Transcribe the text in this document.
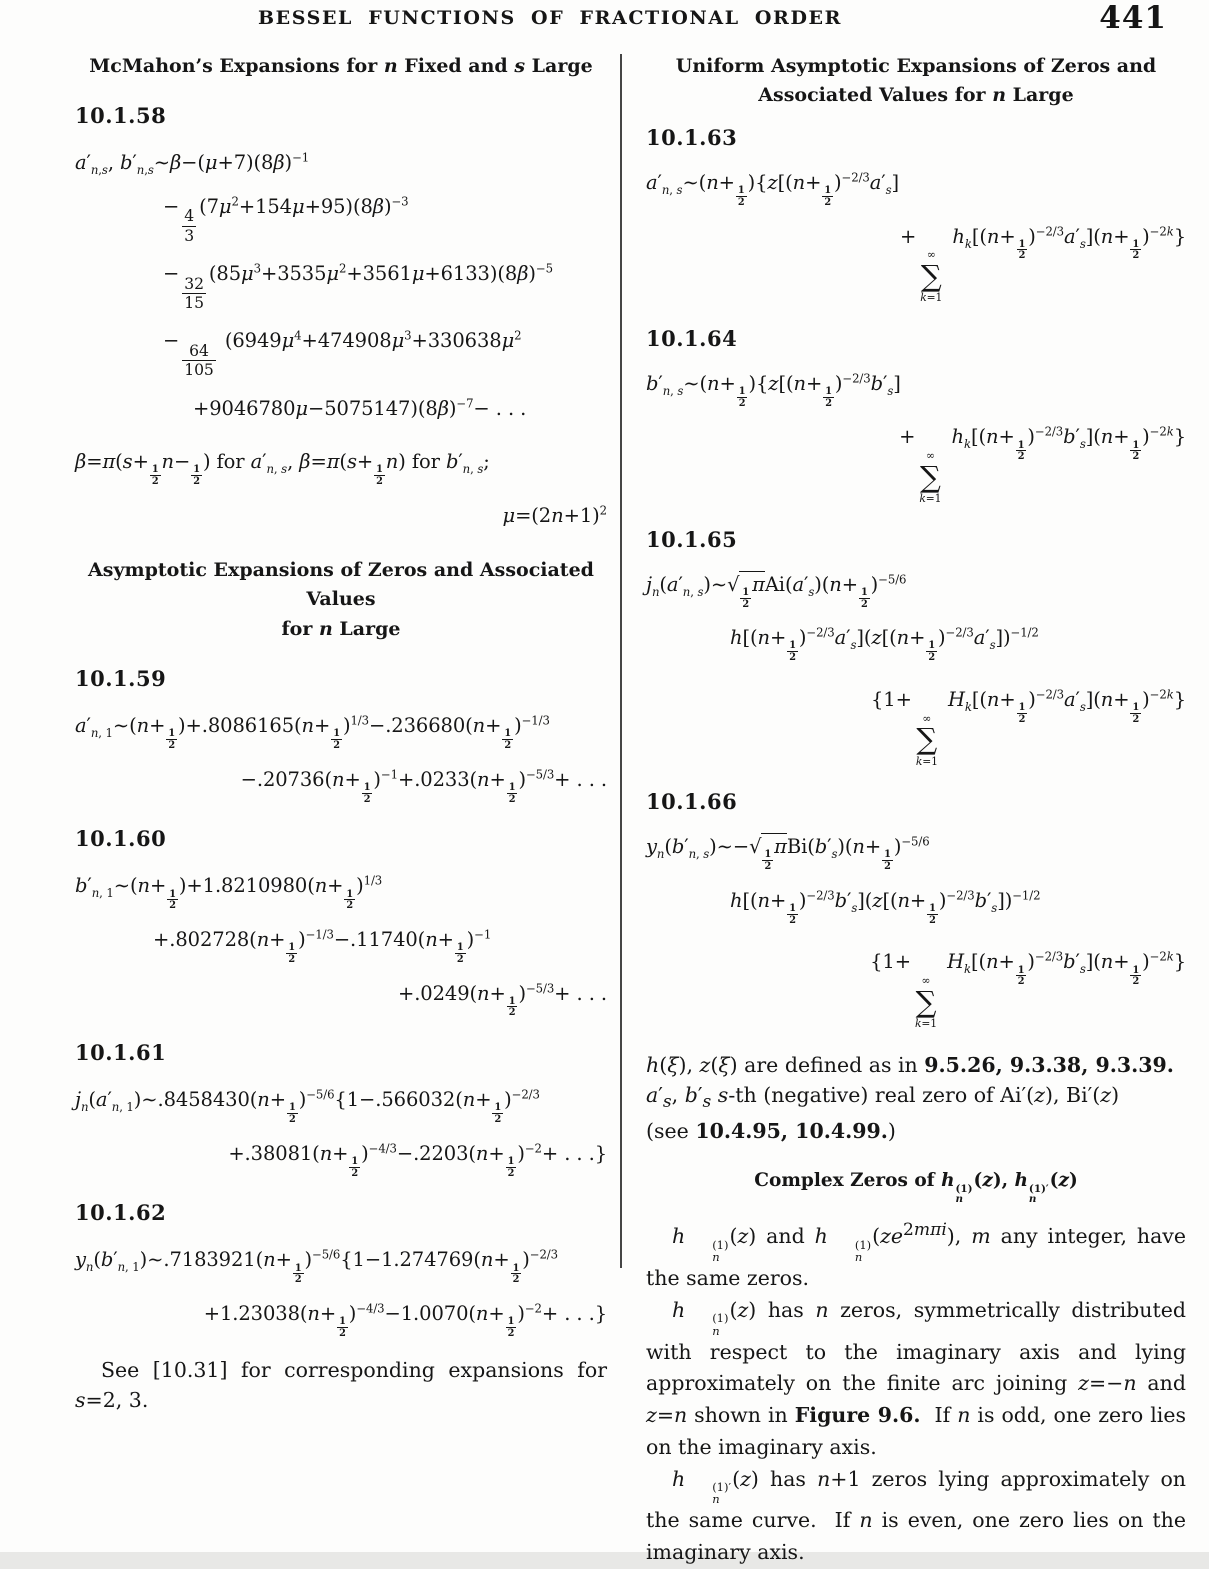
BESSEL FUNCTIONS OF FRACTIONAL ORDER	441
McMahon’s Expansions for n Fixed and s Large
10.1.58
$a'_{n,s}$, $b'_{n,s}\sim\beta-(\mu+7)(8\beta)^{-1}$
−
$\frac{4}{3}$
$(7\mu^2+154\mu+95)(8\beta)^{-3}$
−
$\frac{32}{15}$
$(85\mu^3+3535\mu^2+3561\mu+6133)(8\beta)^{-5}$
−
$\frac{64}{105}$
($6949\mu^4+474908\mu^3+330638\mu^2$
$+9046780\mu-5075147)(8\beta)^{-7}-$ . . .
β=π(s+
$\frac{1}{2}$
n−
$\frac{1}{2}$
) for $a'_{n, s}$, β=π(s+
$\frac{1}{2}$
n) for $b'_{n, s}$;
$\mu=(2n+1)^2$
Asymptotic Expansions of Zeros and Associated Values
for n Large
10.1.59
$a'_{n, 1}\sim(n+$
$\frac{1}{2}$
)+.8086165(n+
$\frac{1}{2}$
)$^{1/3}$−.236680(n+
$\frac{1}{2}$
)$^{-1/3}$
−.20736(n+
$\frac{1}{2}$
)$^{-1}$+.0233(n+
$\frac{1}{2}$
)$^{-5/3}$+ . . .
10.1.60
$b'_{n, 1}\sim(n+$
$\frac{1}{2}$
)+1.8210980(n+
$\frac{1}{2}$
)$^{1/3}$
+.802728(n+
$\frac{1}{2}$
)$^{-1/3}$−.11740(n+
$\frac{1}{2}$
)$^{-1}$
+.0249(n+
$\frac{1}{2}$
)$^{-5/3}$+ . . .
10.1.61
$j_n(a'_{n, 1})\sim.8458430(n+$
$\frac{1}{2}$
)$^{-5/6}${1−.566032(n+
$\frac{1}{2}$
)$^{-2/3}$
+.38081(n+
$\frac{1}{2}$
)$^{-4/3}$−.2203(n+
$\frac{1}{2}$
)$^{-2}$+ . . .}
10.1.62
$y_n(b'_{n, 1})\sim.7183921(n+$
$\frac{1}{2}$
)$^{-5/6}${1−1.274769(n+
$\frac{1}{2}$
)$^{-2/3}$
+1.23038(n+
$\frac{1}{2}$
)$^{-4/3}$−1.0070(n+
$\frac{1}{2}$
)$^{-2}$+ . . .}

See [10.31] for corresponding expansions for s=2, 3.

Uniform Asymptotic Expansions of Zeros and
Associated Values for n Large
10.1.63
$a'_{n, s}\sim(n+$
$\frac{1}{2}$
){z[(n+
$\frac{1}{2}$
)$^{-2/3}a'_s$]
+
∞
∑
k=1
$h_k[(n+$
$\frac{1}{2}$
)$^{-2/3}a'_s](n+$
$\frac{1}{2}$
)$^{-2k}$}
10.1.64
$b'_{n, s}\sim(n+$
$\frac{1}{2}$
){z[(n+
$\frac{1}{2}$
)$^{-2/3}b'_s$]
+
∞
∑
k=1
$h_k[(n+$
$\frac{1}{2}$
)$^{-2/3}b'_s](n+$
$\frac{1}{2}$
)$^{-2k}$}
10.1.65
$j_n(a'_{n, s})\sim√$
$\frac{1}{2}$
$\pi Ai(a'_s)(n+$
$\frac{1}{2}$
)$^{-5/6}$
h[(n+
$\frac{1}{2}$
)$^{-2/3}a'_s](z[(n+$
$\frac{1}{2}$
)$^{-2/3}a'_s])^{-1/2}$
{1+
∞
∑
k=1
$H_k[(n+$
$\frac{1}{2}$
)$^{-2/3}a'_s](n+$
$\frac{1}{2}$
)$^{-2k}$}
10.1.66
$y_n(b'_{n, s})\sim-√$
$\frac{1}{2}$
$\pi Bi(b'_s)(n+$
$\frac{1}{2}$
)$^{-5/6}$
h[(n+
$\frac{1}{2}$
)$^{-2/3}b'_s](z[(n+$
$\frac{1}{2}$
)$^{-2/3}b'_s])^{-1/2}$
{1+
∞
∑
k=1
$H_k[(n+$
$\frac{1}{2}$
)$^{-2/3}b'_s](n+$
$\frac{1}{2}$
)$^{-2k}$}

h(ξ), z(ξ) are defined as in 9.5.26, 9.3.38, 9.3.39.
$a'_s$, $b'_s$ s-th (negative) real zero of Ai′(z), Bi′(z)
(see 10.4.95, 10.4.99.)

Complex Zeros of h (1)
n
(z), h (1)′
n
(z)

h	(1)
n
(z) and h	(1)
n
$(ze^{2m\pi i})$, m any integer, have the same zeros.

h	(1)
n
(z) has n zeros, symmetrically distributed with respect to the imaginary axis and lying approximately on the finite arc joining z=−n and z=n shown in Figure 9.6.  If n is odd, one zero lies on the imaginary axis.

h	(1)′
n
(z) has n+1 zeros lying approximately on the same curve.  If n is even, one zero lies on the imaginary axis.
